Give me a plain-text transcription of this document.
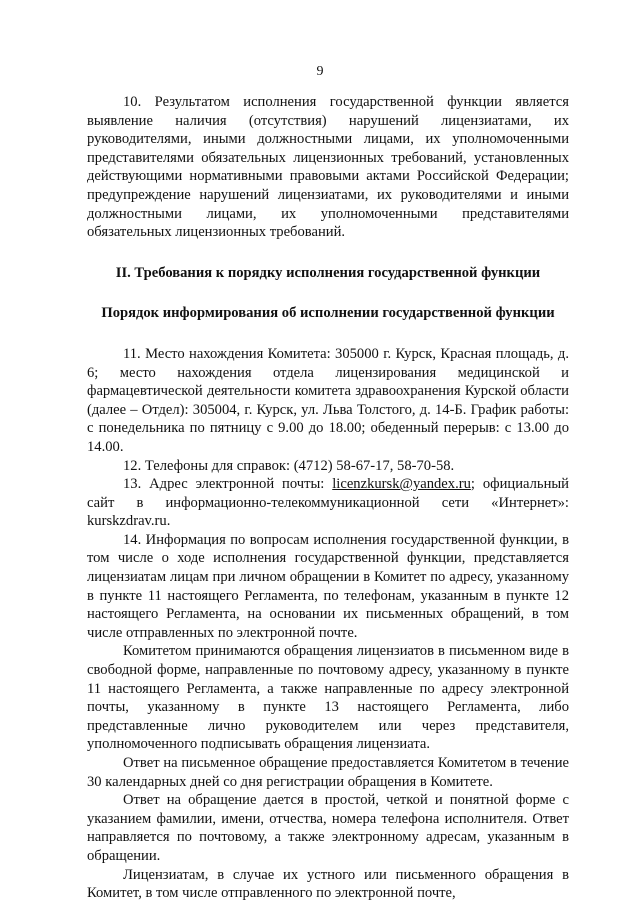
9

10. Результатом исполнения государственной функции является выявление наличия (отсутствия) нарушений лицензиатами, их руководителями, иными должностными лицами, их уполномоченными представителями обязательных лицензионных требований, установленных действующими нормативными правовыми актами Российской Федерации; предупреждение нарушений лицензиатами, их руководителями и иными должностными лицами, их уполномоченными представителями обязательных лицензионных требований.

II. Требования к порядку исполнения государственной функции

Порядок информирования об исполнении государственной функции

11. Место нахождения Комитета: 305000 г. Курск, Красная площадь, д. 6; место нахождения отдела лицензирования медицинской и фармацевтической деятельности комитета здравоохранения Курской области (далее – Отдел): 305004, г. Курск, ул. Льва Толстого, д. 14-Б. График работы: с понедельника по пятницу с 9.00 до 18.00; обеденный перерыв: с 13.00 до 14.00.

12. Телефоны для справок: (4712) 58-67-17, 58-70-58.

13. Адрес электронной почты: licenzkursk@yandex.ru; официальный сайт в информационно-телекоммуникационной сети «Интернет»: kurskzdrav.ru.

14. Информация по вопросам исполнения государственной функции, в том числе о ходе исполнения государственной функции, представляется лицензиатам лицам при личном обращении в Комитет по адресу, указанному в пункте 11 настоящего Регламента, по телефонам, указанным в пункте 12 настоящего Регламента, на основании их письменных обращений, в том числе отправленных по электронной почте.

Комитетом принимаются обращения лицензиатов в письменном виде в свободной форме, направленные по почтовому адресу, указанному в пункте 11 настоящего Регламента, а также направленные по адресу электронной почты, указанному в пункте 13 настоящего Регламента, либо представленные лично руководителем или через представителя, уполномоченного подписывать обращения лицензиата.

Ответ на письменное обращение предоставляется Комитетом в течение 30 календарных дней со дня регистрации обращения в Комитете.

Ответ на обращение дается в простой, четкой и понятной форме с указанием фамилии, имени, отчества, номера телефона исполнителя. Ответ направляется по почтовому, а также электронному адресам, указанным в обращении.

Лицензиатам, в случае их устного или письменного обращения в Комитет, в том числе отправленного по электронной почте,
